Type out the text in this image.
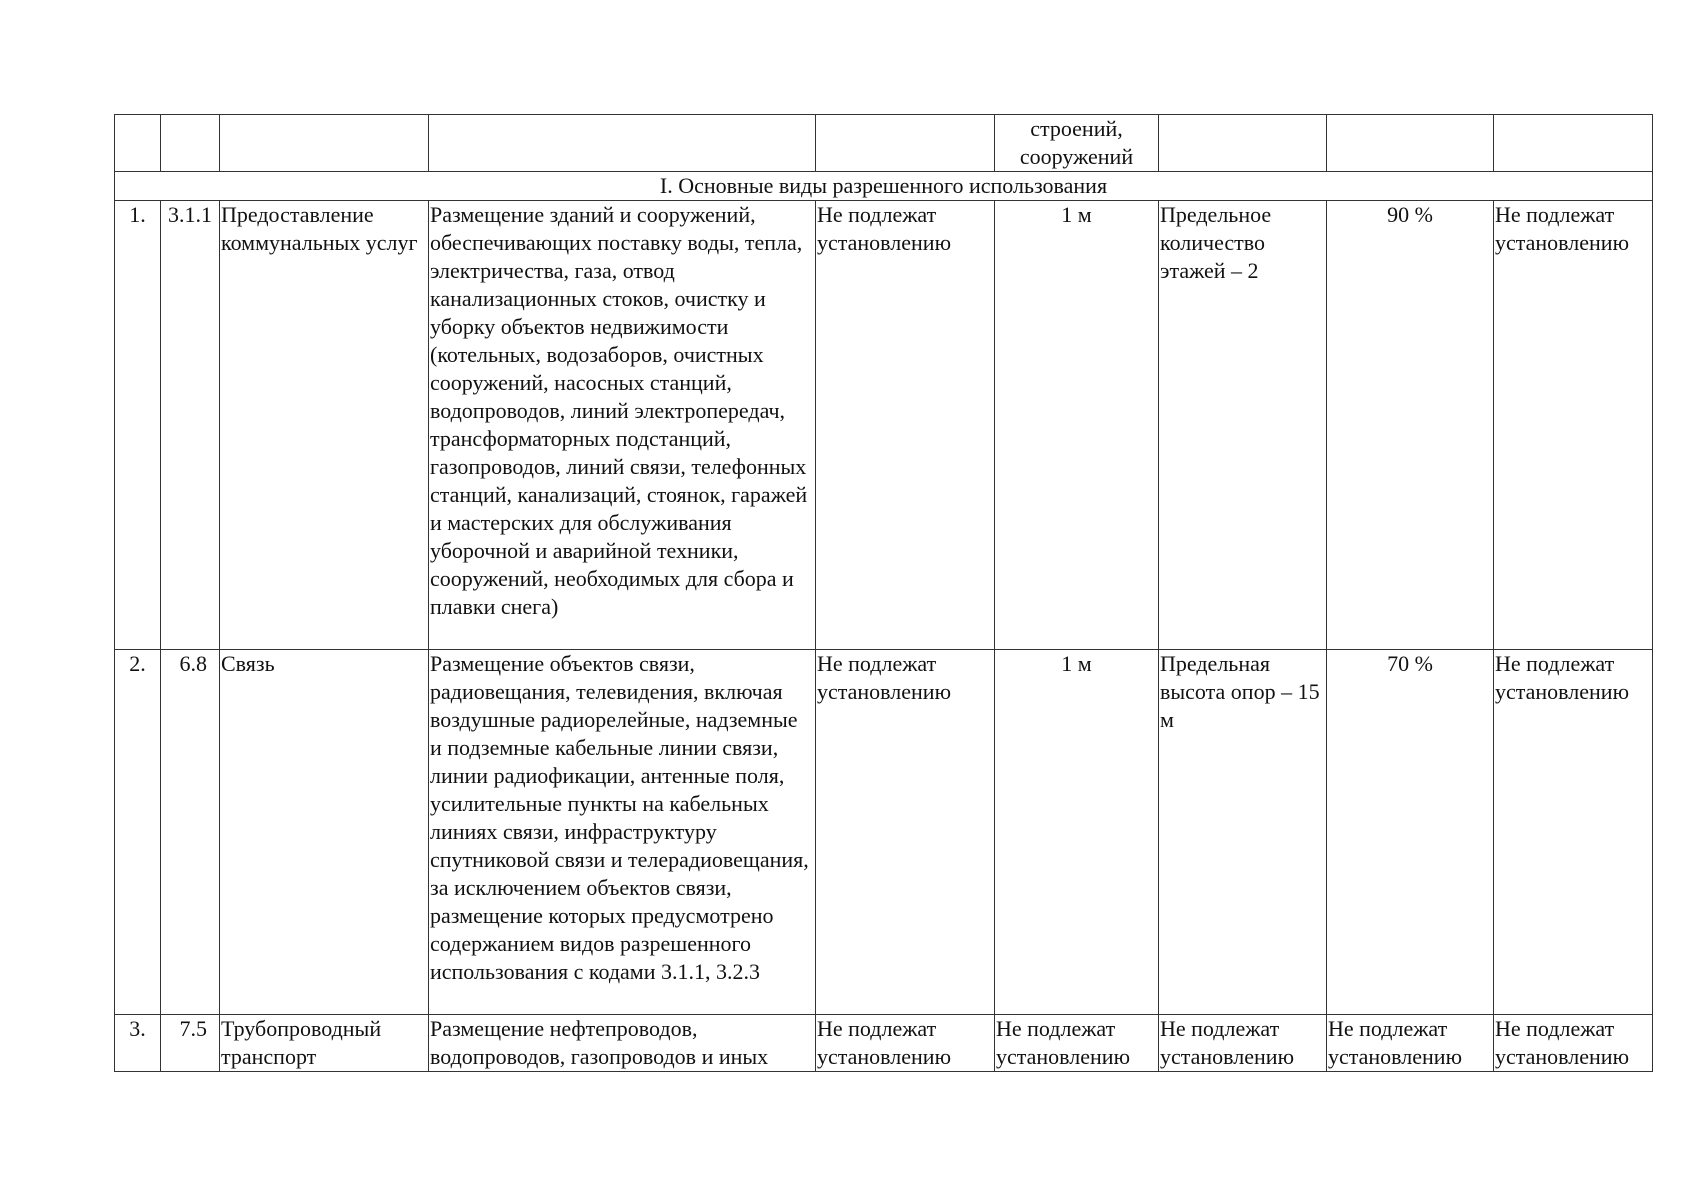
					строений, сооружений			
I. Основные виды разрешенного использования								
1.	3.1.1	Предоставление коммунальных услуг	Размещение зданий и сооружений, обеспечивающих поставку воды, тепла, электричества, газа, отвод канализационных стоков, очистку и уборку объектов недвижимости (котельных, водозаборов, очистных сооружений, насосных станций, водопроводов, линий электропередач, трансформаторных подстанций, газопроводов, линий связи, телефонных станций, канализаций, стоянок, гаражей и мастерских для обслуживания уборочной и аварийной техники, сооружений, необходимых для сбора и плавки снега)	Не подлежат установлению	1 м	Предельное количество этажей – 2	90 %	Не подлежат установлению
2.	6.8	Связь	Размещение объектов связи, радиовещания, телевидения, включая воздушные радиорелейные, надземные и подземные кабельные линии связи, линии радиофикации, антенные поля, усилительные пункты на кабельных линиях связи, инфраструктуру спутниковой связи и телерадиовещания, за исключением объектов связи, размещение которых предусмотрено содержанием видов разрешенного использования с кодами 3.1.1, 3.2.3	Не подлежат установлению	1 м	Предельная высота опор – 15 м	70 %	Не подлежат установлению
3.	7.5	Трубопроводный транспорт	Размещение нефтепроводов, водопроводов, газопроводов и иных	Не подлежат установлению	Не подлежат установлению	Не подлежат установлению	Не подлежат установлению	Не подлежат установлению
